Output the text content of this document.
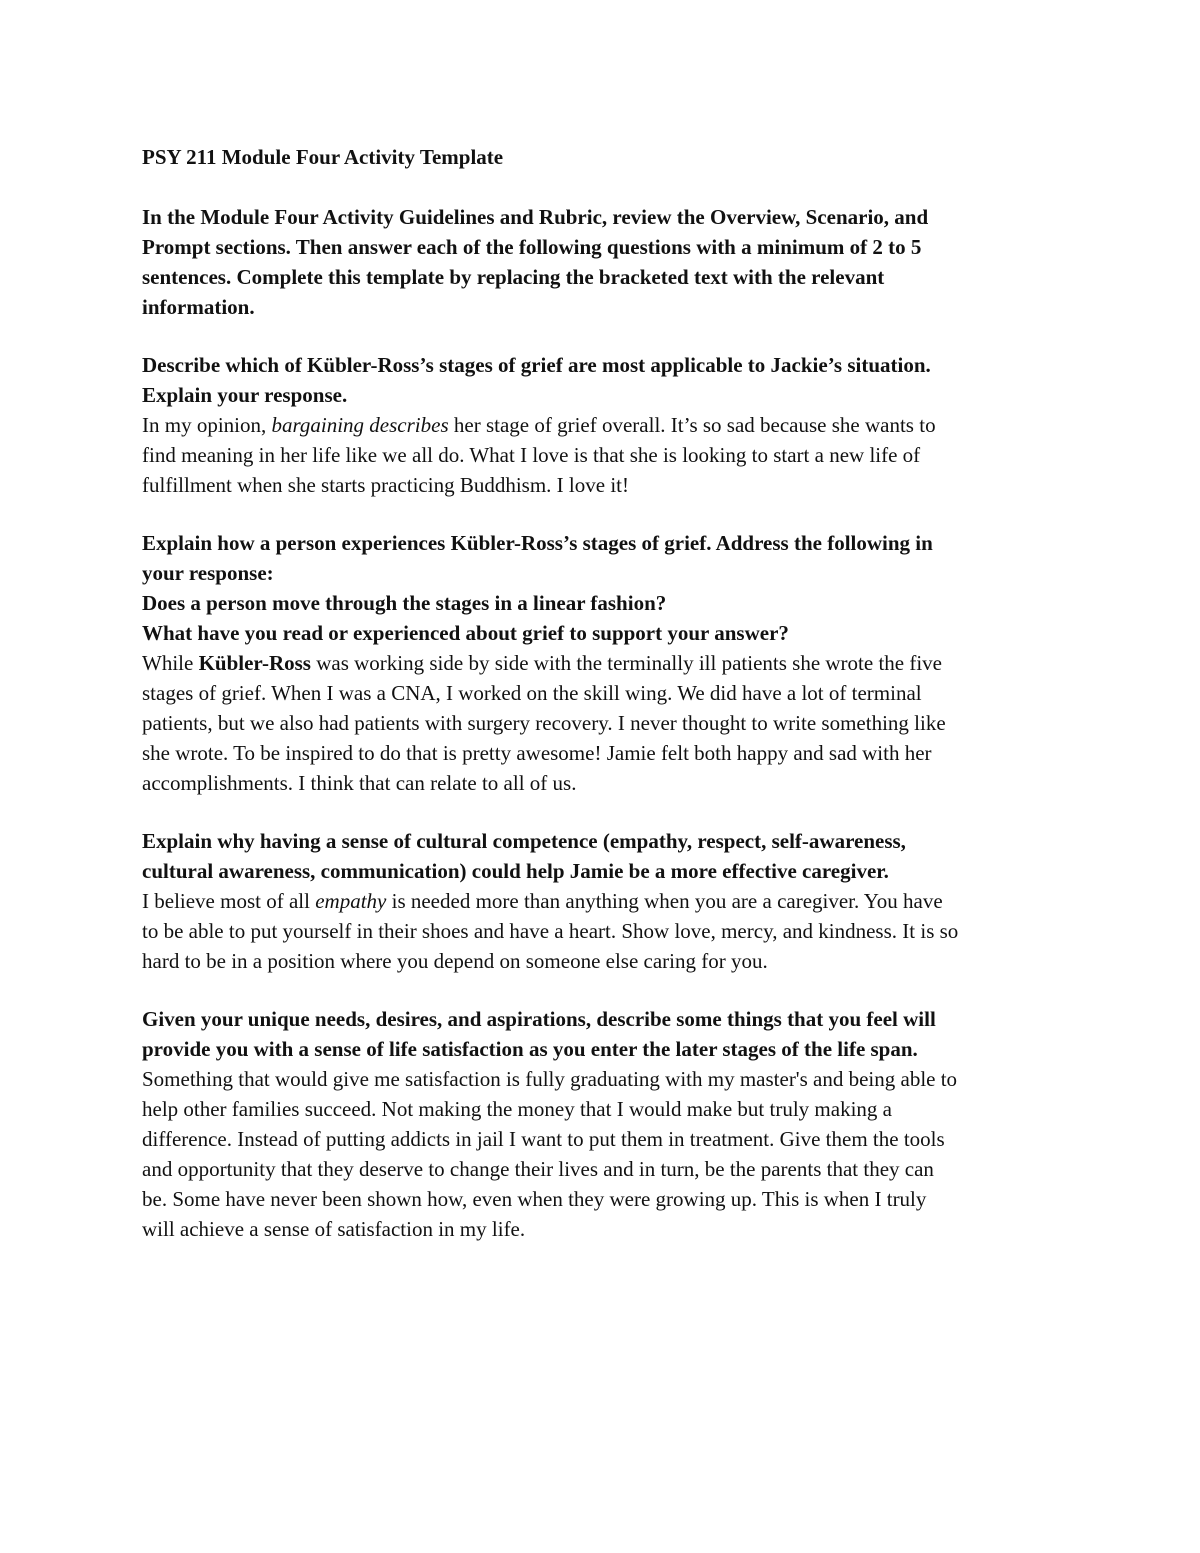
PSY 211 Module Four Activity Template
In the Module Four Activity Guidelines and Rubric, review the Overview, Scenario, and
Prompt sections. Then answer each of the following questions with a minimum of 2 to 5
sentences. Complete this template by replacing the bracketed text with the relevant
information.
Describe which of Kübler-Ross’s stages of grief are most applicable to Jackie’s situation.
Explain your response.
In my opinion, bargaining describes her stage of grief overall. It’s so sad because she wants to
find meaning in her life like we all do. What I love is that she is looking to start a new life of
fulfillment when she starts practicing Buddhism. I love it!
Explain how a person experiences Kübler-Ross’s stages of grief. Address the following in
your response:
Does a person move through the stages in a linear fashion?
What have you read or experienced about grief to support your answer?
While Kübler-Ross was working side by side with the terminally ill patients she wrote the five
stages of grief. When I was a CNA, I worked on the skill wing. We did have a lot of terminal
patients, but we also had patients with surgery recovery. I never thought to write something like
she wrote. To be inspired to do that is pretty awesome! Jamie felt both happy and sad with her
accomplishments. I think that can relate to all of us.
Explain why having a sense of cultural competence (empathy, respect, self-awareness,
cultural awareness, communication) could help Jamie be a more effective caregiver.
I believe most of all empathy is needed more than anything when you are a caregiver. You have
to be able to put yourself in their shoes and have a heart. Show love, mercy, and kindness. It is so
hard to be in a position where you depend on someone else caring for you.
Given your unique needs, desires, and aspirations, describe some things that you feel will
provide you with a sense of life satisfaction as you enter the later stages of the life span.
Something that would give me satisfaction is fully graduating with my master's and being able to
help other families succeed. Not making the money that I would make but truly making a
difference. Instead of putting addicts in jail I want to put them in treatment. Give them the tools
and opportunity that they deserve to change their lives and in turn, be the parents that they can
be. Some have never been shown how, even when they were growing up. This is when I truly
will achieve a sense of satisfaction in my life.
